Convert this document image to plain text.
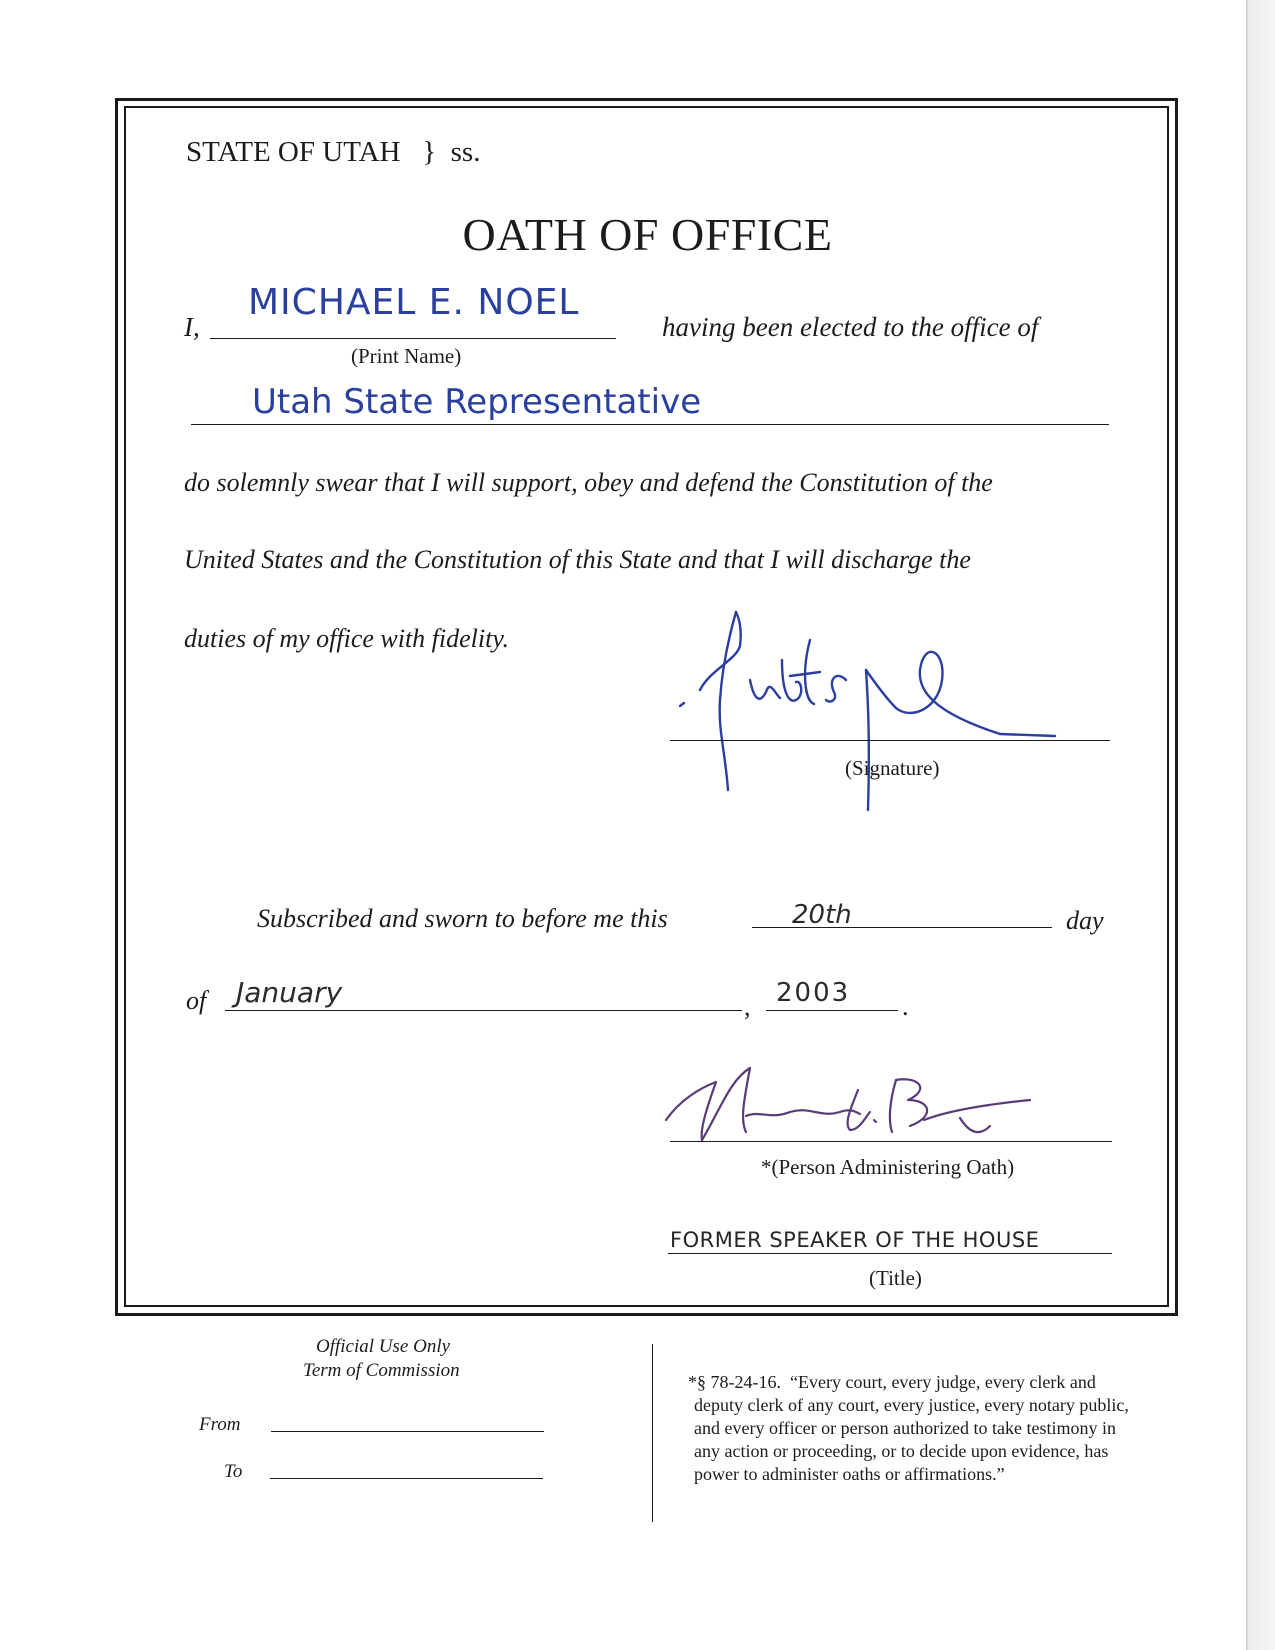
STATE OF UTAH   }  ss.
OATH OF OFFICE
I,
MICHAEL E. NOEL
(Print Name)
having been elected to the office of
Utah State Representative
do solemnly swear that I will support, obey and defend the Constitution of the
United States and the Constitution of this State and that I will discharge the
duties of my office with fidelity.
(Signature)
Subscribed and sworn to before me this	20th	day
of January	, 2003 .
*(Person Administering Oath)
FORMER SPEAKER OF THE HOUSE
(Title)
Official Use Only
Term of Commission
From
To
*§ 78-24-16.  “Every court, every judge, every clerk and
deputy clerk of any court, every justice, every notary public,
and every officer or person authorized to take testimony in
any action or proceeding, or to decide upon evidence, has
power to administer oaths or affirmations.”
